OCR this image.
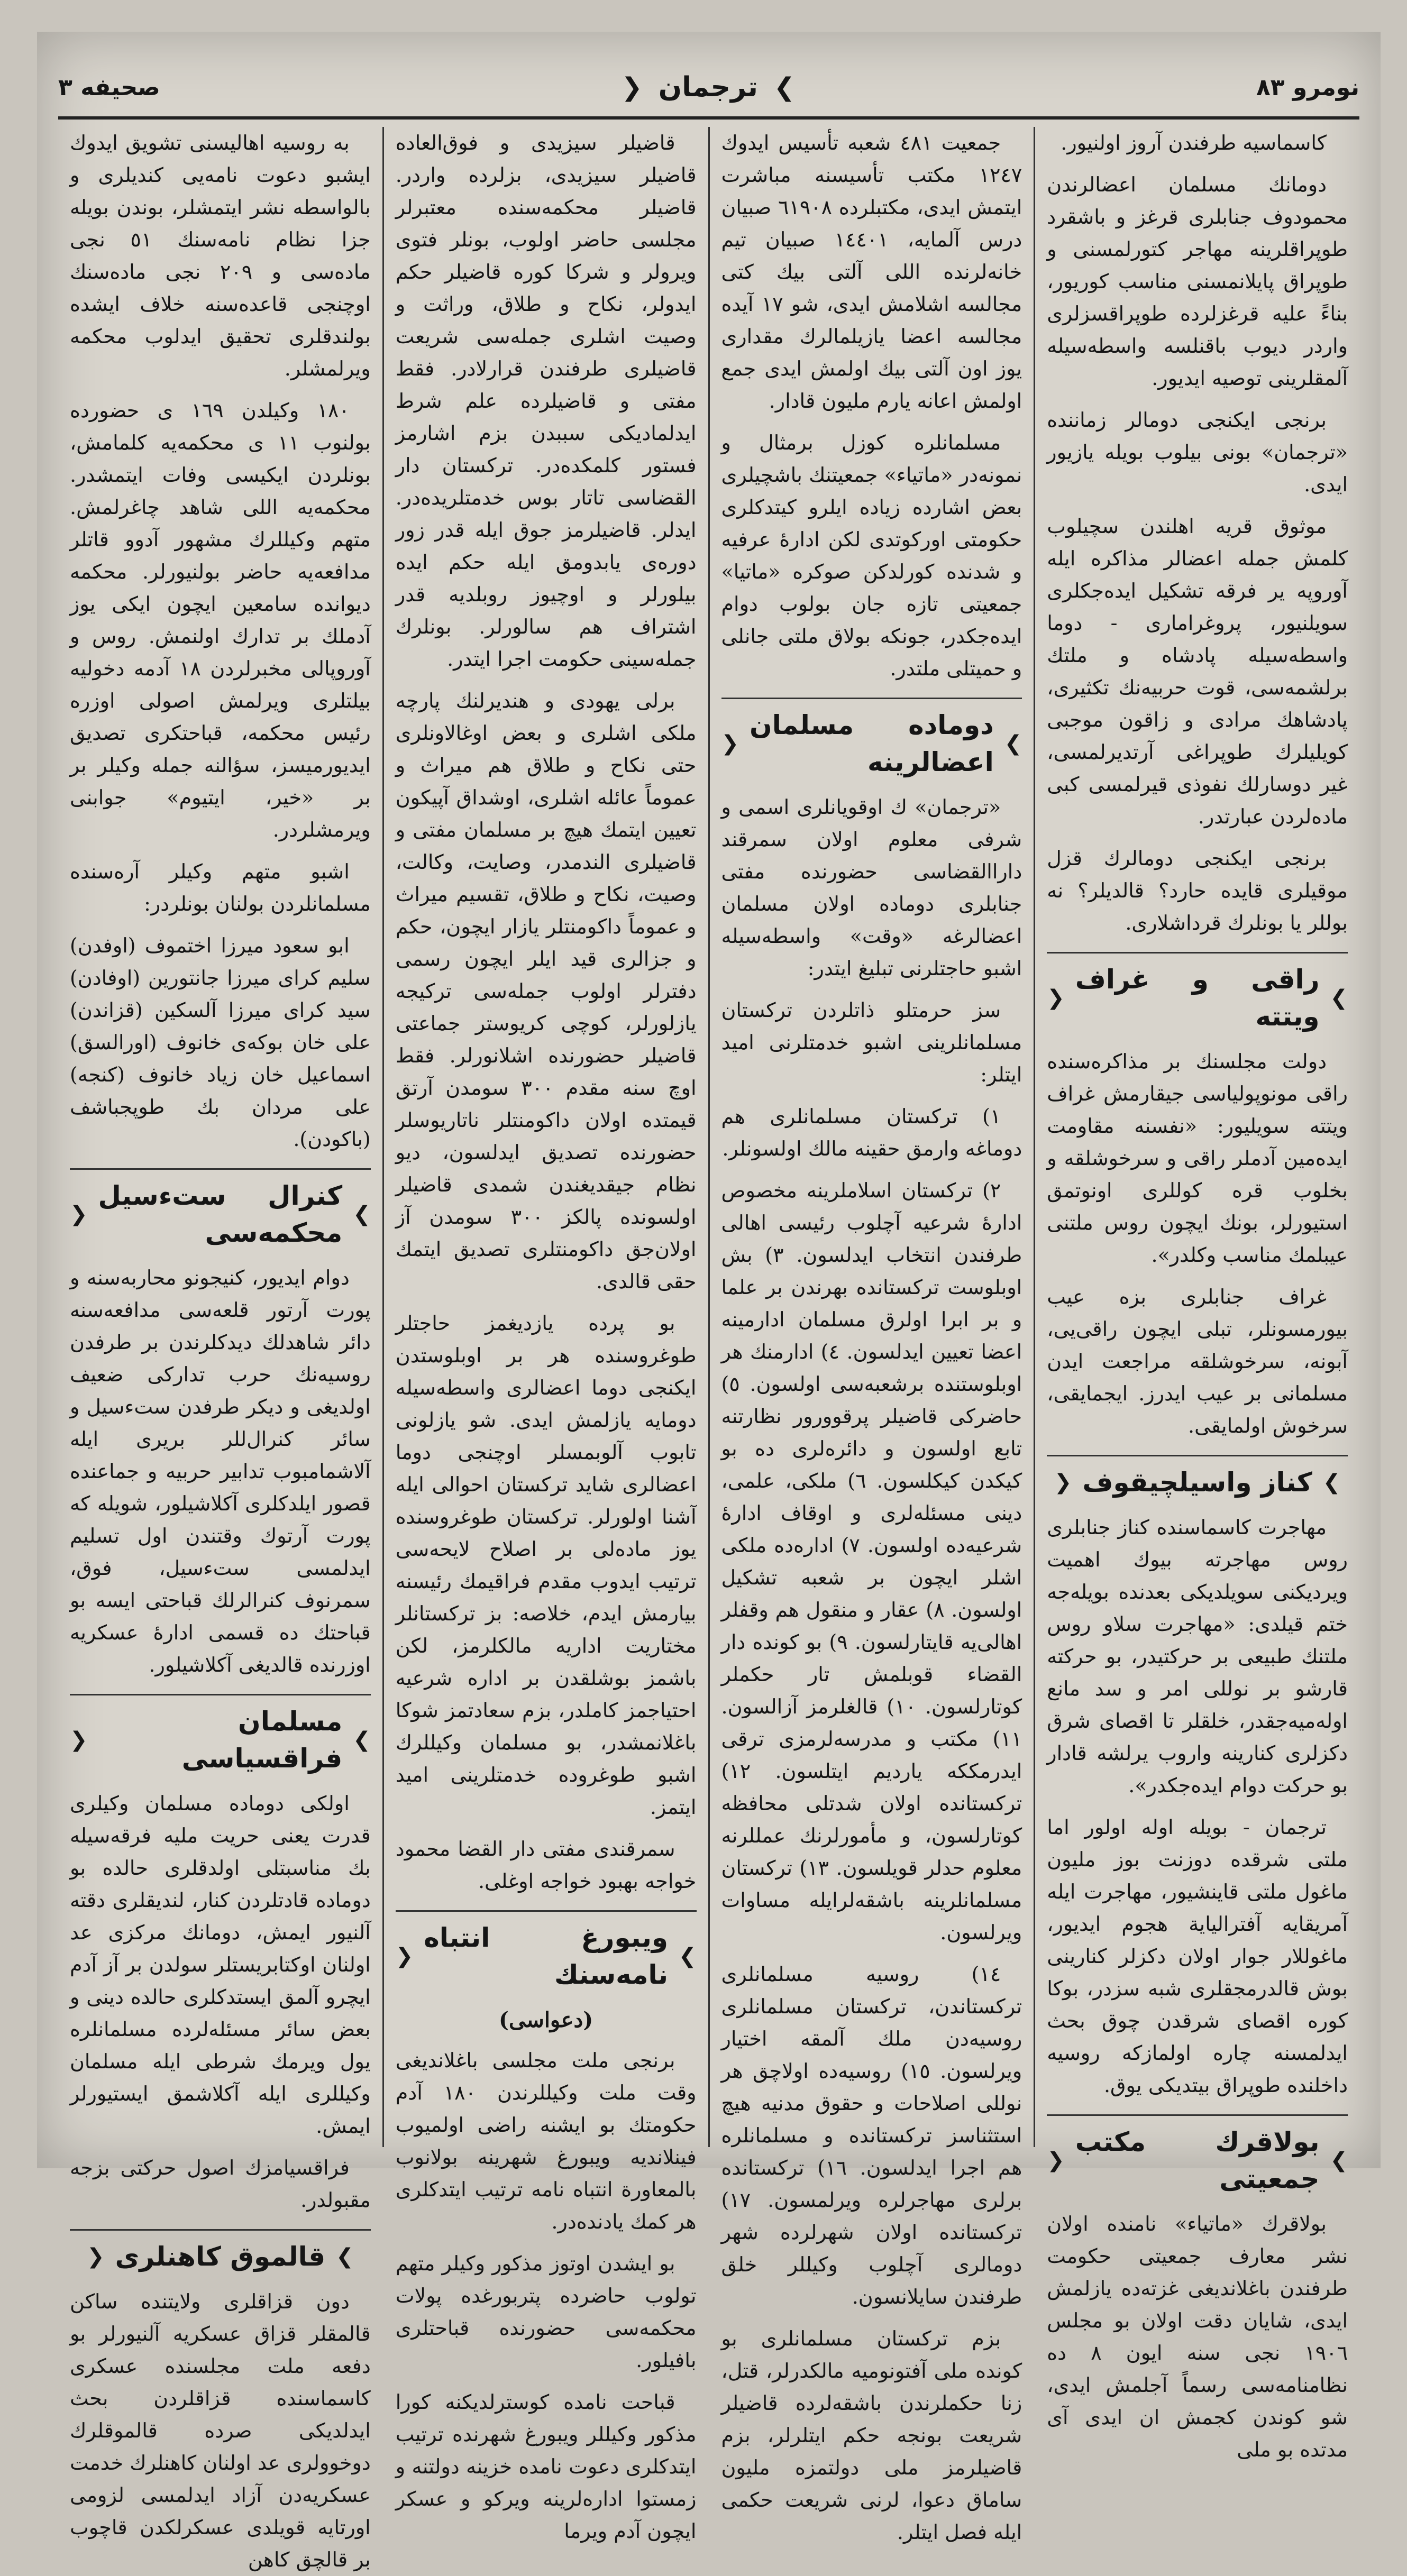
نومرو ٨٣
❯
ترجمان
❮
صحيفه ٣

كاسماسيه طرفندن آروز اولنيور.

دومانك مسلمان اعضالرندن محمودوف جنابلرى قرغز و باشقرد طوپراقلرينه مهاجر كتورلمسنى و طوپراق پايلانمسنى مناسب كوريور، بناءً عليه قرغزلرده طوپراقسزلرى واردر ديوب باقنلسه واسطه‌سيله آلمقلرينى توصيه ايديور.

برنجى ايكنجى دومالر زماننده «ترجمان» بونى بيلوب بويله يازيور ايدى.

موثوق قريه اهلندن سچيلوب كلمش جمله اعضالر مذاكره ايله آوروپه ير فرقه تشكيل ايده‌جكلرى سويلنيور، پروغرامارى - دوما واسطه‌سيله پادشاه و ملتك برلشمه‌سى، قوت حربيه‌نك تكثيرى، پادشاهك مرادى و زاقون موجبى كويليلرك طوپراغى آرتديرلمسى، غير دوسارلك نفوذى قيرلمسى كبى ماده‌لردن عبارتدر.

برنجى ايكنجى دومالرك قزل موقيلرى قايده حارد؟ قالديلر؟ نه بوللر يا بونلرك قرداشلارى.

❯
راقى و غراف ويتته
❮

دولت مجلسنك بر مذاكره‌سنده راقى مونوپولياسى جيقارمش غراف ويتته سويليور: «نفسنه مقاومت ايده‌مين آدملر راقى و سرخوشلقه و بخلوب قره كوللرى اونوتمق استيورلر، بونك ايچون روس ملتنى عيبلمك مناسب وكلدر».

غراف جنابلرى بزه عيب بيورمسونلر، تبلى ايچون راقى‌يى، آبونه، سرخوشلقه مراجعت ايدن مسلمانى بر عيب ايدرز. ايجمايقى، سرخوش اولمايقى.

❯
كناز واسيلچيقوف
❮

مهاجرت كاسماسنده كناز جنابلرى روس مهاجرته بيوك اهميت ويرديكنى سويلديكى بعدنده بويله‌جه ختم قيلدى: «مهاجرت سلاو روس ملتنك طبيعى بر حركتيدر، بو حركته قارشو بر نوللى امر و سد مانع اوله‌ميه‌جقدر، خلقلر تا اقصاى شرق دكزلرى كنارينه واروب يرلشه قادار بو حركت دوام ايده‌جكدر».

ترجمان - بويله اوله اولور اما ملتى شرقده دوزنت بوز مليون ماغول ملتى قاينشيور، مهاجرت ايله آمريقايه آفترالياية هجوم ايديور، ماغوللار جوار اولان دكزلر كنارينى بوش قالدرمجقلرى شبه سزدر، بوكا كوره اقصاى شرقدن چوق بحث ايدلمسنه چاره اولمازكه روسيه داخلنده طوپراق بيتديكى يوق.

❯
بولاقرك مكتب جمعيتى
❮

بولاقرك «ماتياء» نامنده اولان نشر معارف جمعيتى حكومت طرفندن باغلانديغى غزته‌ده يازلمش ايدى، شايان دقت اولان بو مجلس ١٩٠٦ نجى سنه ايون ٨ ده نظامنامه‌سى رسماً آجلمش ايدى، شو كوندن كجمش ان ايدى آى مدتده بو ملى

جمعيت ٤٨١ شعبه تأسيس ايدوك ١٢٤٧ مكتب تأسيسنه مباشرت ايتمش ايدى، مكتبلرده ٦١٩٠٨ صبيان درس آلمايه، ١٤٤٠١ صبيان تيم خانه‌لرنده اللى آلتى بيك كتى مجالسه اشلامش ايدى، شو ١٧ آيده مجالسه اعضا يازيلمالرك مقدارى يوز اون آلتى بيك اولمش ايدى جمع اولمش اعانه يارم مليون قادار.

مسلمانلره كوزل برمثال و نمونه‌در «ماتياء» جمعيتنك باشچيلرى بعض اشارده زياده ايلرو كيتدكلرى حكومتى اوركوتدى لكن ادارهٔ عرفيه و شدنده كورلدكن صوكره «ماتيا» جمعيتى تازه جان بولوب دوام ايده‌جكدر، جونكه بولاق ملتى جانلى و حميتلى ملتدر.

❯
دوماده مسلمان اعضالرينه
❮

«ترجمان» ك اوقويانلرى اسمى و شرفى معلوم اولان سمرقند داراالقضاسى حضورنده مفتى جنابلرى دوماده اولان مسلمان اعضالرغه «وقت» واسطه‌سيله اشبو حاجتلرنى تبليغ ايتدر:

سز حرمتلو ذاتلردن تركستان مسلمانلرينى اشبو خدمتلرنى اميد ايتلر:

١) تركستان مسلمانلرى هم دوماغه وارمق حقينه مالك اولسونلر.

٢) تركستان اسلاملرينه مخصوص ادارهٔ شرعيه آچلوب رئيسى اهالى طرفندن انتخاب ايدلسون. ٣) بش اوبلوست تركستانده بهرندن بر علما و بر ابرا اولرق مسلمان ادارمينه اعضا تعيين ايدلسون. ٤) ادارمنك هر اوبلوستنده برشعبه‌سى اولسون. ٥) حاضركى قاضيلر پرقوورور نظارتنه تابع اولسون و دائره‌لرى ده بو كيكدن كيكلسون. ٦) ملكى، علمى، دينى مسئله‌لرى و اوقاف ادارهٔ شرعيه‌ده اولسون. ٧) اداره‌ده ملكى اشلر ايچون بر شعبه تشكيل اولسون. ٨) عقار و منقول هم وقفلر اهالى‌يه قايتارلسون. ٩) بو كونده دار القضاء قوبلمش تار حكملر كوتارلسون. ١٠) قالغلرمز آزالسون. ١١) مكتب و مدرسه‌لرمزى ترقى ايدرمككه يارديم ايتلسون. ١٢) تركستانده اولان شدتلى محافظه كوتارلسون، و مأمورلرنك عمللرنه معلوم حدلر قويلسون. ١٣) تركستان مسلمانلرينه باشقه‌لرايله مساوات ويرلسون.

١٤) روسيه مسلمانلرى تركستاندن، تركستان مسلمانلرى روسيه‌دن ملك آلمقه اختيار ويرلسون. ١٥) روسيه‌ده اولاچق هر نوللى اصلاحات و حقوق مدنيه هيچ استثناسز تركستانده و مسلمانلره هم اجرا ايدلسون. ١٦) تركستانده برلرى مهاجرلره ويرلمسون. ١٧) تركستانده اولان شهرلرده شهر دومالرى آچلوب وكيللر خلق طرفندن سايلانسون.

بزم تركستان مسلمانلرى بو كونده ملى آفتونوميه مالكدرلر، قتل، زنا حكملرندن باشقه‌لرده قاضيلر شريعت بونجه حكم ايتلرلر، بزم قاضيلرمز ملى دولتمزه مليون ساماق دعوا، لرنى شريعت حكمى ايله فصل ايتلر.

قاضيلر سيزيدى و فوق‌العاده قاضيلر سيزيدى، بزلرده واردر. قاضيلر محكمه‌سنده معتبرلر مجلسى حاضر اولوب، بونلر فتوى ويرولر و شركا كوره قاضيلر حكم ايدولر، نكاح و طلاق، وراثت و وصيت اشلرى جمله‌سى شريعت قاضيلرى طرفندن قرارلادر. فقط مفتى و قاضيلرده علم شرط ايدلماديكى سببدن بزم اشارمز فستور كلمكده‌در. تركستان دار القضاسى تاتار بوس خدمتلريده‌در. ايدلر. قاضيلرمز جوق ايله قدر زور دوره‌ى يابدومق ايله حكم ايده بيلورلر و اوچيوز روبلديه قدر اشتراف هم سالورلر. بونلرك جمله‌سينى حكومت اجرا ايتدر.

برلى يهودى و هنديرلنك پارچه ملكى اشلرى و بعض اوغالاونلرى حتى نكاح و طلاق هم ميراث و عموماً عائله اشلرى، اوشداق آپيكون تعيين ايتمك هيچ بر مسلمان مفتى و قاضيلرى الندمدر، وصايت، وكالت، وصيت، نكاح و طلاق، تقسيم ميراث و عموماً داكومنتلر يازار ايچون، حكم و جزالرى قيد ايلر ايچون رسمى دفترلر اولوب جمله‌سى تركيجه يازلورلر، كوچى كريوستر جماعتى قاضيلر حضورنده اشلانورلر. فقط اوچ سنه مقدم ٣٠٠ سومدن آرتق قيمتده اولان داكومنتلر ناتاريوسلر حضورنده تصديق ايدلسون، ديو نظام جيقديغندن شمدى قاضيلر اولسونده پالكز ٣٠٠ سومدن آز اولان‌جق داكومنتلرى تصديق ايتمك حقى قالدى.

بو پرده يازديغمز حاجتلر طوغروسنده هر بر اوبلوستدن ايكنجى دوما اعضالرى واسطه‌سيله دومايه يازلمش ايدى. شو يازلونى تابوب آلوبمسلر اوچنجى دوما اعضالرى شايد تركستان احوالى ايله آشنا اولورلر. تركستان طوغروسنده يوز ماده‌لى بر اصلاح لايحه‌سى ترتيب ايدوب مقدم فراقيمك رئيسنه بيارمش ايدم، خلاصه: بز تركستانلر مختاريت اداريه مالكلرمز، لكن باشمز بوشلقدن بر اداره شرعيه احتياجمز كاملدر، بزم سعادتمز شوكا باغلانمشدر، بو مسلمان وكيللرك اشبو طوغروده خدمتلرينى اميد ايتمز.

سمرقندى مفتى دار القضا محمود خواجه بهبود خواجه اوغلى.

❯
ويبورغ انتباه نامه‌سنك
❮
(دعواسى)

برنجى ملت مجلسى باغلانديغى وقت ملت وكيللرندن ١٨٠ آدم حكومتك بو ايشنه راضى اولميوب فينلانديه ويبورغ شهرينه بولانوب بالمعاورة انتباه نامه ترتيب ايتدكلرى هر كمك ياد‌نده‌در.

بو ايشدن اوتوز مذكور وكيلر متهم تولوب حاضرده پتربورغده پولات محكمه‌سى حضورنده قباحتلرى بافيلور.

قباحت نامده كوسترلديكنه كورا مذكور وكيللر ويبورغ شهرنده ترتيب ايتدكلرى دعوت نامده خزينه دولتنه و زمستوا اداره‌لرينه ويركو و عسكر ايچون آدم ويرما

به روسيه اهاليسنى تشويق ايدوك ايشبو دعوت نامه‌يى كنديلرى و بالواسطه نشر ايتمشلر، بوندن بويله جزا نظام نامه‌سنك ٥١ نجى ماده‌سى و ٢٠٩ نجى ماده‌سنك اوچنجى قاعده‌سنه خلاف ايشده بولندقلرى تحقيق ايدلوب محكمه ويرلمشلر.

١٨٠ وكيلدن ١٦٩ ى حضورده بولنوب ١١ ى محكمه‌يه كلمامش، بونلردن ايكيسى وفات ايتمشدر. محكمه‌يه اللى شاهد چاغرلمش. متهم وكيللرك مشهور آدوو قاتلر مدافعه‌يه حاضر بولنيورلر. محكمه ديوانده سامعين ايچون ايكى يوز آدملك بر تدارك اولنمش. روس و آوروپالى مخبرلردن ١٨ آدمه دخوليه بيلتلرى ويرلمش اصولى اوزره رئيس محكمه، قباحتكرى تصديق ايديورميسز، سؤالنه جمله وكيلر بر بر «خير، ايتيوم» جوابنى ويرمشلردر.

اشبو متهم وكيلر آره‌سنده مسلمانلردن بولنان بونلردر:

ابو سعود ميرزا اختموف (اوفدن) سليم كراى ميرزا جانتورين (اوفادن) سيد كراى ميرزا آلسكين (قزاندن) على خان بوكه‌ى خانوف (اورالسق) اسماعيل خان زياد خانوف (كنجه) على مردان بك طوپجباشف (باكودن).

❯
كنرال ستءسيل محكمه‌سى
❮

دوام ايديور، كنيجونو محاربه‌سنه و پورت آرتور قلعه‌سى مدافعه‌سنه دائر شاهدلك ديدكلرندن بر طرفدن روسيه‌نك حرب تداركى ضعيف اولديغى و ديكر طرفدن ستءسيل و سائر كنرال‌للر بريرى ايله آلاشمامبوب تدابير حربيه و جماعنده قصور ايلدكلرى آكلاشيلور، شويله كه پورت آرتوك وقتندن اول تسليم ايدلمسى ستءسيل، فوق، سمرنوف كنرالرلك قباحتى ايسه بو قباحتك ده قسمى ادارهٔ عسكريه اوزرنده قالديغى آكلاشيلور.

❯
مسلمان فراقسياسى
❮

اولكى دوماده مسلمان وكيلرى قدرت يعنى حريت مليه فرقه‌سيله بك مناسبتلى اولدقلرى حالده بو دوماده قادتلردن كنار، لنديقلرى دقته آلنيور ايمش، دومانك مركزى عد اولنان اوكتابريستلر سولدن بر آز آدم ايچرو آلمق ايستدكلرى حالده دينى و بعض سائر مسئله‌لرده مسلمانلره يول ويرمك شرطى ايله مسلمان وكيللرى ايله آكلاشمق ايستيورلر ايمش.

فراقسيامزك اصول حركتى بزجه مقبولدر.

❯
قالموق كاهنلرى
❮

دون قزاقلرى ولايتنده ساكن قالمقلر قزاق عسكريه آلنيورلر بو دفعه ملت مجلسنده عسكرى كاسماسنده قزاقلردن بحث ايدلديكى صرده قالموقلرك دوخوولرى عد اولنان كاهنلرك خدمت عسكريه‌دن آزاد ايدلمسى لزومى اورتايه قويلدى عسكرلكدن قاچوب بر قالچق كاهن
